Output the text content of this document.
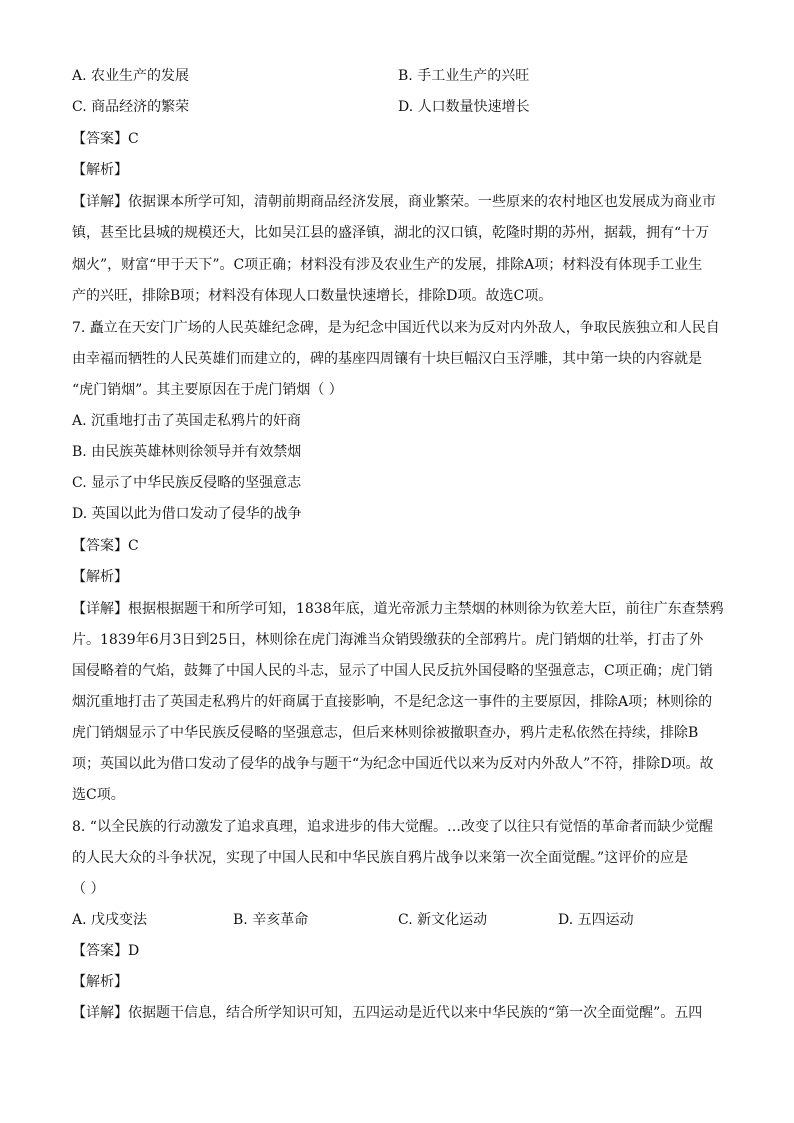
A. 农业生产的发展	B. 手工业生产的兴旺
C. 商品经济的繁荣	D. 人口数量快速增长
【答案】C
【解析】
【详解】依据课本所学可知，清朝前期商品经济发展，商业繁荣。一些原来的农村地区也发展成为商业市
镇，甚至比县城的规模还大，比如吴江县的盛泽镇，湖北的汉口镇，乾隆时期的苏州，据载，拥有“十万
烟火”，财富“甲于天下”。C项正确；材料没有涉及农业生产的发展，排除A项；材料没有体现手工业生
产的兴旺，排除B项；材料没有体现人口数量快速增长，排除D项。故选C项。
7. 矗立在天安门广场的人民英雄纪念碑，是为纪念中国近代以来为反对内外敌人，争取民族独立和人民自
由幸福而牺牲的人民英雄们而建立的，碑的基座四周镶有十块巨幅汉白玉浮雕，其中第一块的内容就是
“虎门销烟”。其主要原因在于虎门销烟（ ）
A. 沉重地打击了英国走私鸦片的奸商
B. 由民族英雄林则徐领导并有效禁烟
C. 显示了中华民族反侵略的坚强意志
D. 英国以此为借口发动了侵华的战争
【答案】C
【解析】
【详解】根据根据题干和所学可知，1838年底，道光帝派力主禁烟的林则徐为钦差大臣，前往广东查禁鸦
片。1839年6月3日到25日，林则徐在虎门海滩当众销毁缴获的全部鸦片。虎门销烟的壮举，打击了外
国侵略着的气焰，鼓舞了中国人民的斗志，显示了中国人民反抗外国侵略的坚强意志，C项正确；虎门销
烟沉重地打击了英国走私鸦片的奸商属于直接影响，不是纪念这一事件的主要原因，排除A项；林则徐的
虎门销烟显示了中华民族反侵略的坚强意志，但后来林则徐被撤职查办，鸦片走私依然在持续，排除B
项；英国以此为借口发动了侵华的战争与题干“为纪念中国近代以来为反对内外敌人”不符，排除D项。故
选C项。
8. “以全民族的行动激发了追求真理，追求进步的伟大觉醒。…改变了以往只有觉悟的革命者而缺少觉醒
的人民大众的斗争状况，实现了中国人民和中华民族自鸦片战争以来第一次全面觉醒。”这评价的应是
（ ）
A. 戊戌变法	B. 辛亥革命	C. 新文化运动	D. 五四运动
【答案】D
【解析】
【详解】依据题干信息，结合所学知识可知，五四运动是近代以来中华民族的“第一次全面觉醒”。五四
